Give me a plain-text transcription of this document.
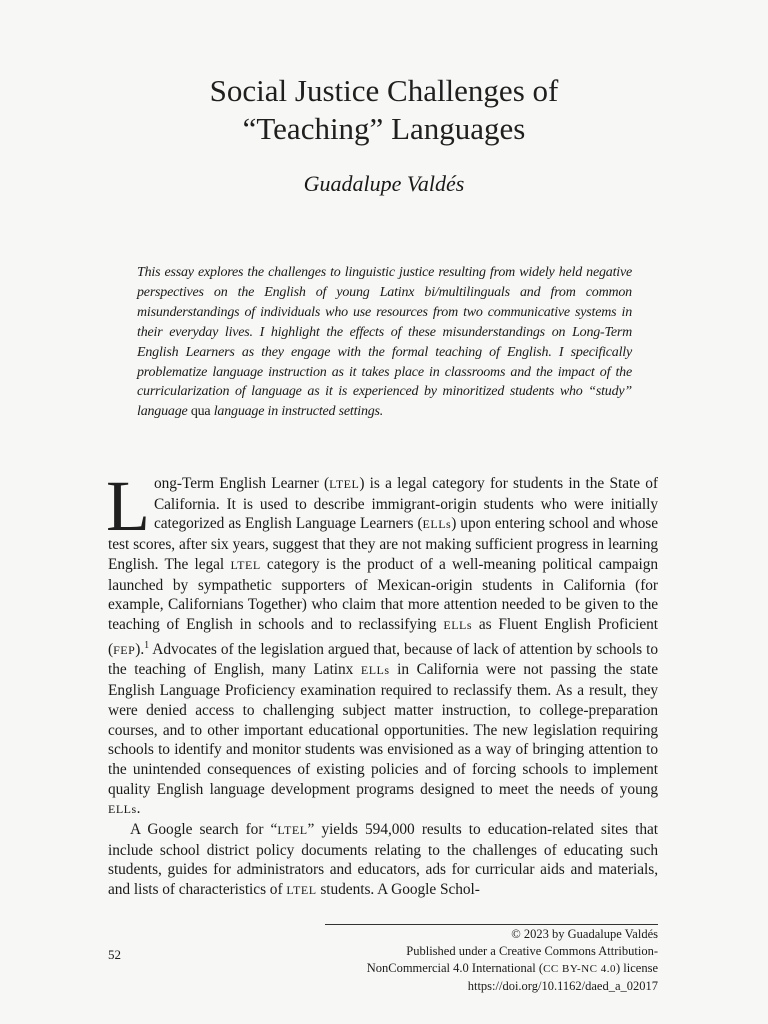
Social Justice Challenges of
“Teaching” Languages
Guadalupe Valdés

This essay explores the challenges to linguistic justice resulting from widely held negative perspectives on the English of young Latinx bi/multilinguals and from common misunderstandings of individuals who use resources from two communicative systems in their everyday lives. I highlight the effects of these misunderstandings on Long-Term English Learners as they engage with the formal teaching of English. I specifically problematize language instruction as it takes place in classrooms and the impact of the curricularization of language as it is experienced by minoritized students who “study” language qua language in instructed settings.

Long-Term English Learner (LTEL) is a legal category for students in the State of California. It is used to describe immigrant-origin students who were initially categorized as English Language Learners (ELLs) upon entering school and whose test scores, after six years, suggest that they are not making sufficient progress in learning English. The legal LTEL category is the product of a well-meaning political campaign launched by sympathetic supporters of Mexican-origin students in California (for example, Californians Together) who claim that more attention needed to be given to the teaching of English in schools and to reclassifying ELLs as Fluent English Proficient (FEP).$^1$ Advocates of the legislation argued that, because of lack of attention by schools to the teaching of English, many Latinx ELLs in California were not passing the state English Language Proficiency examination required to reclassify them. As a result, they were denied access to challenging subject matter instruction, to college-preparation courses, and to other important educational opportunities. The new legislation requiring schools to identify and monitor students was envisioned as a way of bringing attention to the unintended consequences of existing policies and of forcing schools to implement quality English language development programs designed to meet the needs of young ELLs.

A Google search for “LTEL” yields 594,000 results to education-related sites that include school district policy documents relating to the challenges of educating such students, guides for administrators and educators, ads for curricular aids and materials, and lists of characteristics of LTEL students. A Google Schol-

© 2023 by Guadalupe Valdés
Published under a Creative Commons Attribution-
NonCommercial 4.0 International (CC BY-NC 4.0) license
https://doi.org/10.1162/daed_a_02017
52
